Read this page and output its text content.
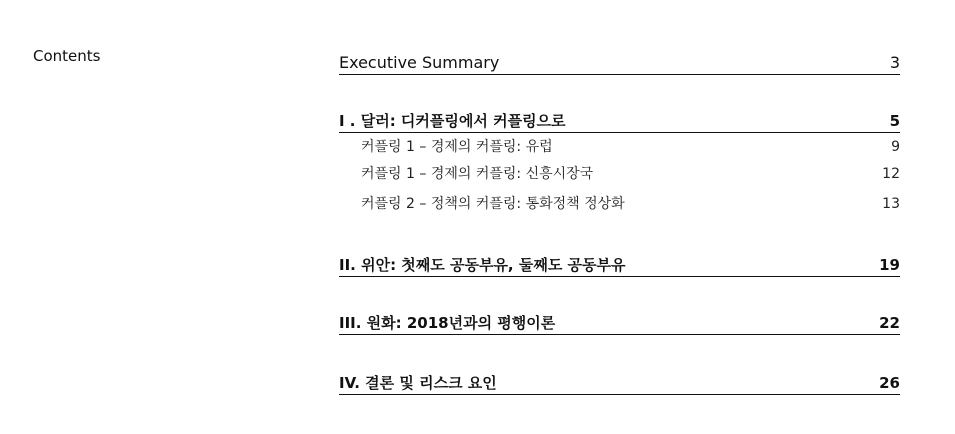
Contents	Executive Summary	3
I . 달러: 디커플링에서 커플링으로	5
커플링 1 – 경제의 커플링: 유럽	9
커플링 1 – 경제의 커플링: 신흥시장국	12
커플링 2 – 정책의 커플링: 통화정책 정상화	13
II. 위안: 첫째도 공동부유, 둘째도 공동부유	19
III. 원화: 2018년과의 평행이론	22
IV. 결론 및 리스크 요인	26
